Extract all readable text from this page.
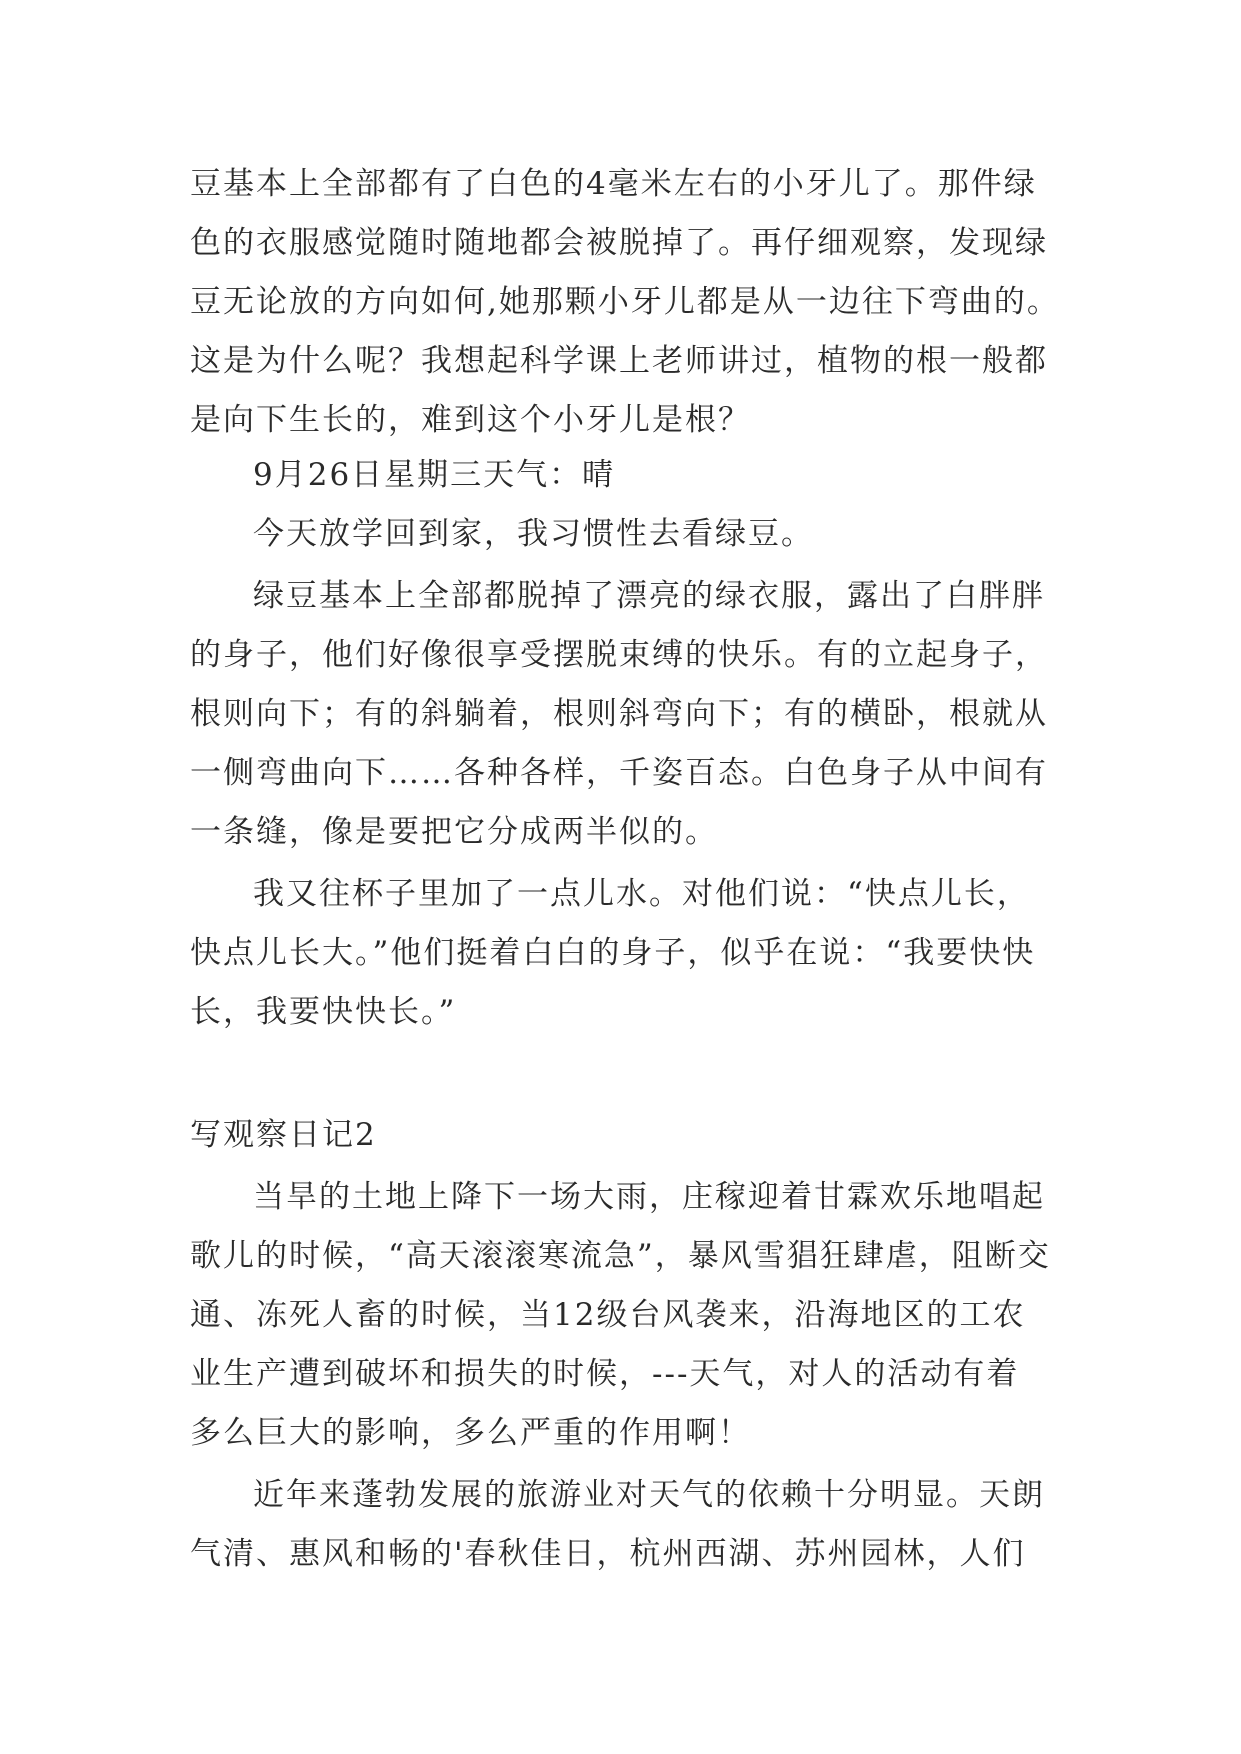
豆基本上全部都有了白色的4毫米左右的小牙儿了。那件绿
色的衣服感觉随时随地都会被脱掉了。再仔细观察，发现绿
豆无论放的方向如何,她那颗小牙儿都是从一边往下弯曲的。
这是为什么呢？我想起科学课上老师讲过，植物的根一般都
是向下生长的，难到这个小牙儿是根？
9月26日星期三天气：晴
今天放学回到家，我习惯性去看绿豆。
绿豆基本上全部都脱掉了漂亮的绿衣服，露出了白胖胖
的身子，他们好像很享受摆脱束缚的快乐。有的立起身子，
根则向下；有的斜躺着，根则斜弯向下；有的横卧，根就从
一侧弯曲向下……各种各样，千姿百态。白色身子从中间有
一条缝，像是要把它分成两半似的。
我又往杯子里加了一点儿水。对他们说：“快点儿长，
快点儿长大。”他们挺着白白的身子，似乎在说：“我要快快
长，我要快快长。”
写观察日记2
当旱的土地上降下一场大雨，庄稼迎着甘霖欢乐地唱起
歌儿的时候，“高天滚滚寒流急”，暴风雪猖狂肆虐，阻断交
通、冻死人畜的时候，当12级台风袭来，沿海地区的工农
业生产遭到破坏和损失的时候，---天气，对人的活动有着
多么巨大的影响，多么严重的作用啊！
近年来蓬勃发展的旅游业对天气的依赖十分明显。天朗
气清、惠风和畅的'春秋佳日，杭州西湖、苏州园林，人们
